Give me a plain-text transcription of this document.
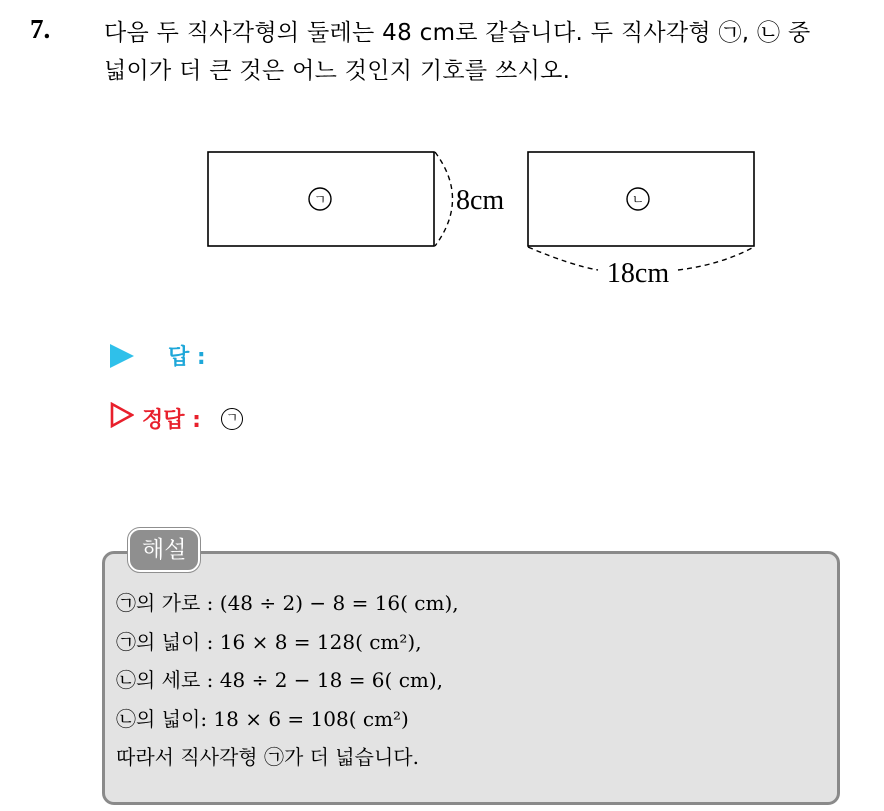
7. 다음 두 직사각형의 둘레는 48 cm로 같습니다. 두 직사각형 ㉠, ㉡ 중
넓이가 더 큰 것은 어느 것인지 기호를 쓰시오.
ㄱ	8cm	ㄴ
18cm
답 :
정답 :	ㄱ
해설
㉠의 가로 : (48 ÷ 2) − 8 = 16( cm),
㉠의 넓이 : 16 × 8 = 128( cm²),
㉡의 세로 : 48 ÷ 2 − 18 = 6( cm),
㉡의 넓이: 18 × 6 = 108( cm²)
따라서 직사각형 ㉠가 더 넓습니다.
